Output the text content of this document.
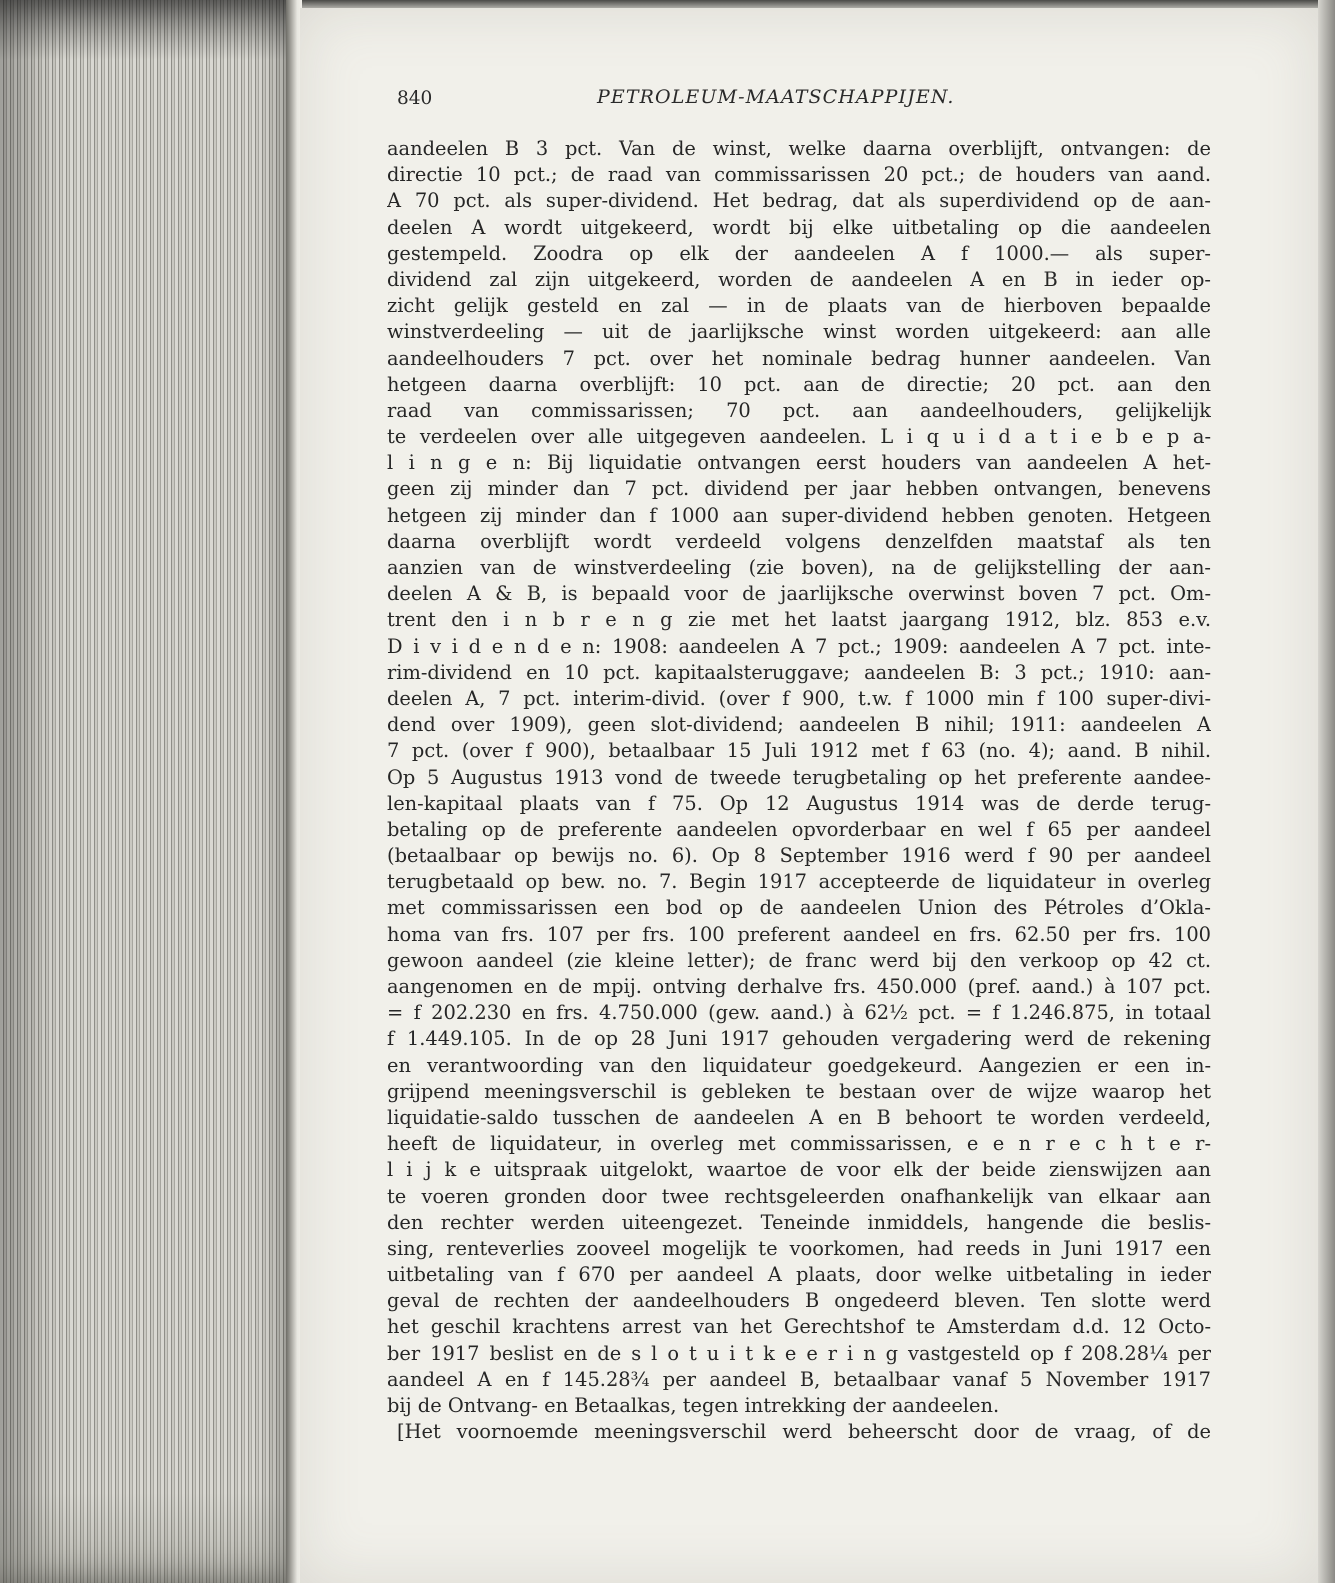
840	PETROLEUM-MAATSCHAPPIJEN.
aandeelen B 3 pct. Van de winst, welke daarna overblijft, ontvangen: de
directie 10 pct.; de raad van commissarissen 20 pct.; de houders van aand.
A 70 pct. als super-dividend. Het bedrag, dat als superdividend op de aan-
deelen A wordt uitgekeerd, wordt bij elke uitbetaling op die aandeelen
gestempeld. Zoodra op elk der aandeelen A f 1000.— als super-
dividend zal zijn uitgekeerd, worden de aandeelen A en B in ieder op-
zicht gelijk gesteld en zal — in de plaats van de hierboven bepaalde
winstverdeeling — uit de jaarlijksche winst worden uitgekeerd: aan alle
aandeelhouders 7 pct. over het nominale bedrag hunner aandeelen. Van
hetgeen daarna overblijft: 10 pct. aan de directie; 20 pct. aan den
raad van commissarissen; 70 pct. aan aandeelhouders, gelijkelijk
te verdeelen over alle uitgegeven aandeelen. L i q u i d a t i e b e p a-
l i n g e n: Bij liquidatie ontvangen eerst houders van aandeelen A het-
geen zij minder dan 7 pct. dividend per jaar hebben ontvangen, benevens
hetgeen zij minder dan f 1000 aan super-dividend hebben genoten. Hetgeen
daarna overblijft wordt verdeeld volgens denzelfden maatstaf als ten
aanzien van de winstverdeeling (zie boven), na de gelijkstelling der aan-
deelen A & B, is bepaald voor de jaarlijksche overwinst boven 7 pct. Om-
trent den i n b r e n g zie met het laatst jaargang 1912, blz. 853 e.v.
D i v i d e n d e n: 1908: aandeelen A 7 pct.; 1909: aandeelen A 7 pct. inte-
rim-dividend en 10 pct. kapitaalsteruggave; aandeelen B: 3 pct.; 1910: aan-
deelen A, 7 pct. interim-divid. (over f 900, t.w. f 1000 min f 100 super-divi-
dend over 1909), geen slot-dividend; aandeelen B nihil; 1911: aandeelen A
7 pct. (over f 900), betaalbaar 15 Juli 1912 met f 63 (no. 4); aand. B nihil.
Op 5 Augustus 1913 vond de tweede terugbetaling op het preferente aandee-
len-kapitaal plaats van f 75. Op 12 Augustus 1914 was de derde terug-
betaling op de preferente aandeelen opvorderbaar en wel f 65 per aandeel
(betaalbaar op bewijs no. 6). Op 8 September 1916 werd f 90 per aandeel
terugbetaald op bew. no. 7. Begin 1917 accepteerde de liquidateur in overleg
met commissarissen een bod op de aandeelen Union des Pétroles d’Okla-
homa van frs. 107 per frs. 100 preferent aandeel en frs. 62.50 per frs. 100
gewoon aandeel (zie kleine letter); de franc werd bij den verkoop op 42 ct.
aangenomen en de mpij. ontving derhalve frs. 450.000 (pref. aand.) à 107 pct.
= f 202.230 en frs. 4.750.000 (gew. aand.) à 62½ pct. = f 1.246.875, in totaal
f 1.449.105. In de op 28 Juni 1917 gehouden vergadering werd de rekening
en verantwoording van den liquidateur goedgekeurd. Aangezien er een in-
grijpend meeningsverschil is gebleken te bestaan over de wijze waarop het
liquidatie-saldo tusschen de aandeelen A en B behoort te worden verdeeld,
heeft de liquidateur, in overleg met commissarissen, e e n r e c h t e r-
l i j k e uitspraak uitgelokt, waartoe de voor elk der beide zienswijzen aan
te voeren gronden door twee rechtsgeleerden onafhankelijk van elkaar aan
den rechter werden uiteengezet. Teneinde inmiddels, hangende die beslis-
sing, renteverlies zooveel mogelijk te voorkomen, had reeds in Juni 1917 een
uitbetaling van f 670 per aandeel A plaats, door welke uitbetaling in ieder
geval de rechten der aandeelhouders B ongedeerd bleven. Ten slotte werd
het geschil krachtens arrest van het Gerechtshof te Amsterdam d.d. 12 Octo-
ber 1917 beslist en de s l o t u i t k e e r i n g vastgesteld op f 208.28¼ per
aandeel A en f 145.28¾ per aandeel B, betaalbaar vanaf 5 November 1917
bij de Ontvang- en Betaalkas, tegen intrekking der aandeelen.
[Het voornoemde meeningsverschil werd beheerscht door de vraag, of de
